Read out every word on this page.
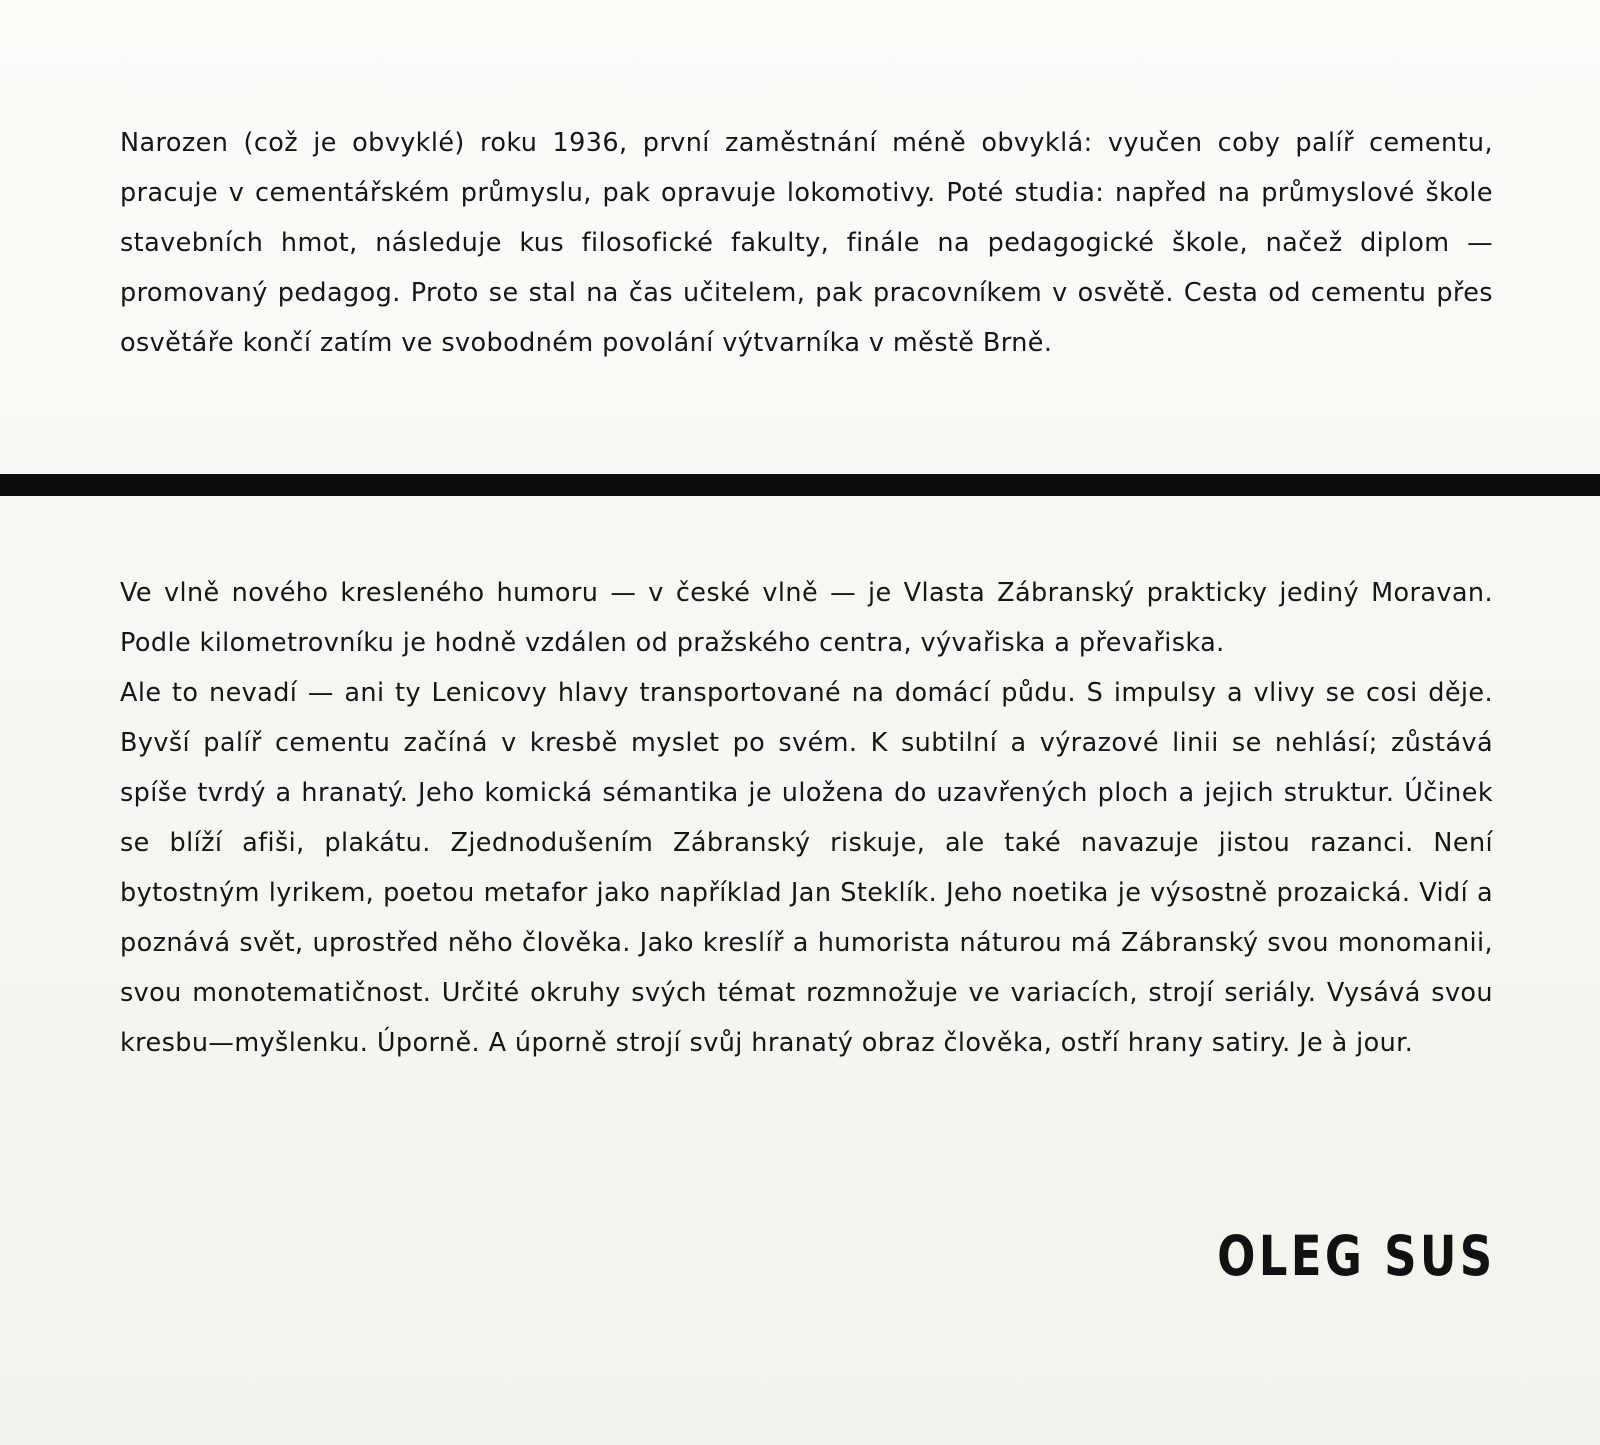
Narozen (což je obvyklé) roku 1936, první zaměstnání méně obvyklá: vyučen coby palíř cementu, pracuje v cementářském průmyslu, pak opravuje lokomotivy. Poté studia: napřed na průmyslové škole stavebních hmot, následuje kus filosofické fakulty, finále na pedagogické škole, načež diplom — promovaný pedagog. Proto se stal na čas učitelem, pak pracovníkem v osvětě. Cesta od cementu přes osvětáře končí zatím ve svobodném povolání výtvarníka v městě Brně.

Ve vlně nového kresleného humoru — v české vlně — je Vlasta Zábranský prakticky jediný Moravan. Podle kilometrovníku je hodně vzdálen od pražského centra, vývařiska a převařiska.

Ale to nevadí — ani ty Lenicovy hlavy transportované na domácí půdu. S impulsy a vlivy se cosi děje. Byvší palíř cementu začíná v kresbě myslet po svém. K subtilní a výrazové linii se nehlásí; zůstává spíše tvrdý a hranatý. Jeho komická sémantika je uložena do uzavřených ploch a jejich struktur. Účinek se blíží afiši, plakátu. Zjednodušením Zábranský riskuje, ale také navazuje jistou razanci. Není bytostným lyrikem, poetou metafor jako například Jan Steklík. Jeho noetika je výsostně prozaická. Vidí a poznává svět, uprostřed něho člověka. Jako kreslíř a humorista náturou má Zábranský svou monomanii, svou monotematičnost. Určité okruhy svých témat rozmnožuje ve variacích, strojí seriály. Vysává svou kresbu—myšlenku. Úporně. A úporně strojí svůj hranatý obraz člověka, ostří hrany satiry. Je à jour.

OLEG SUS
